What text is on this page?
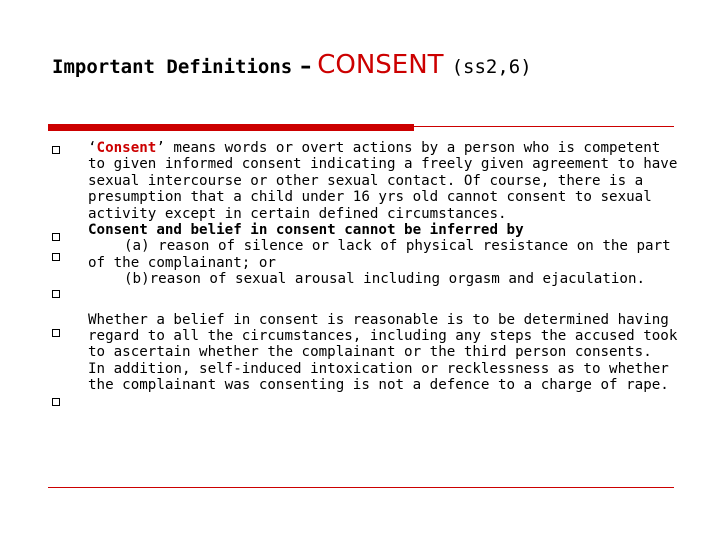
Important Definitions – CONSENT (ss2,6)

‘Consent’ means words or overt actions by a person who is competent to given informed consent indicating a freely given agreement to have sexual intercourse or other sexual contact. Of course, there is a presumption that a child under 16 yrs old cannot consent to sexual activity except in certain defined circumstances.

Consent and belief in consent cannot be inferred by

(a) reason of silence or lack of physical resistance on the part of the complainant; or

(b)reason of sexual arousal including orgasm and ejaculation.

Whether a belief in consent is reasonable is to be determined having regard to all the circumstances, including any steps the accused took to ascertain whether the complainant or the third person consents.

In addition, self-induced intoxication or recklessness as to whether the complainant was consenting is not a defence to a charge of rape.
